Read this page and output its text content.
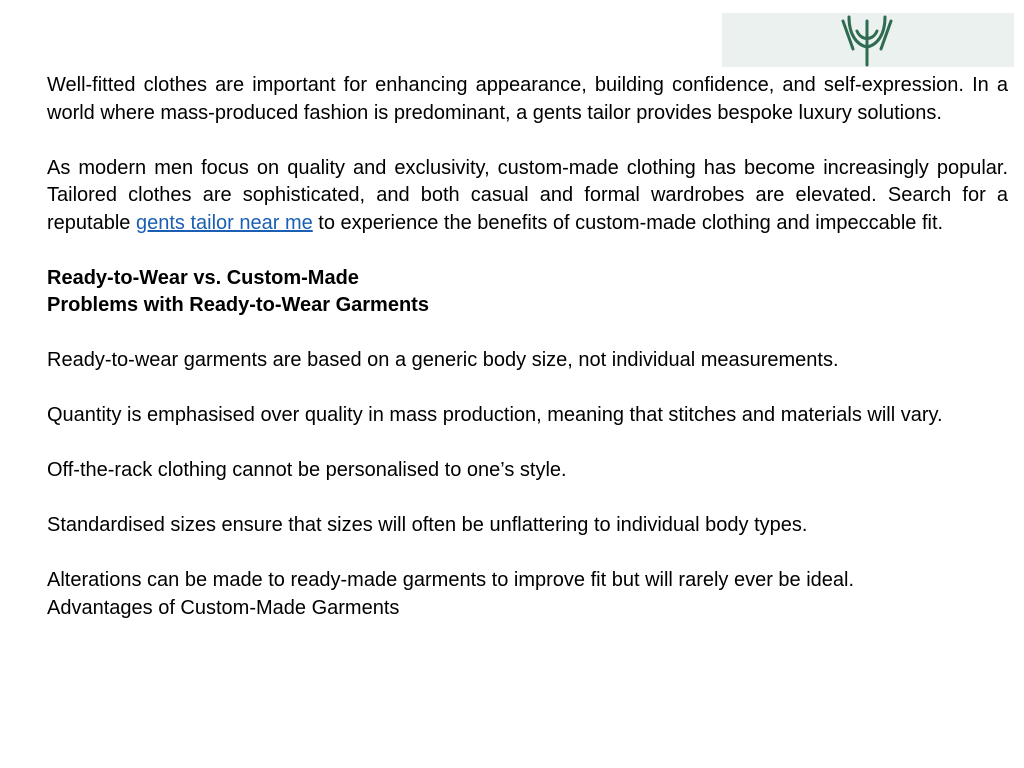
Well-fitted clothes are important for enhancing appearance, building confidence, and self-expression. In a world where mass-produced fashion is predominant, a gents tailor provides bespoke luxury solutions.

As modern men focus on quality and exclusivity, custom-made clothing has become increasingly popular. Tailored clothes are sophisticated, and both casual and formal wardrobes are elevated. Search for a reputable gents tailor near me to experience the benefits of custom-made clothing and impeccable fit.

Ready-to-Wear vs. Custom-Made
Problems with Ready-to-Wear Garments

Ready-to-wear garments are based on a generic body size, not individual measurements.

Quantity is emphasised over quality in mass production, meaning that stitches and materials will vary.

Off-the-rack clothing cannot be personalised to one’s style.

Standardised sizes ensure that sizes will often be unflattering to individual body types.

Alterations can be made to ready-made garments to improve fit but will rarely ever be ideal.

Advantages of Custom-Made Garments
